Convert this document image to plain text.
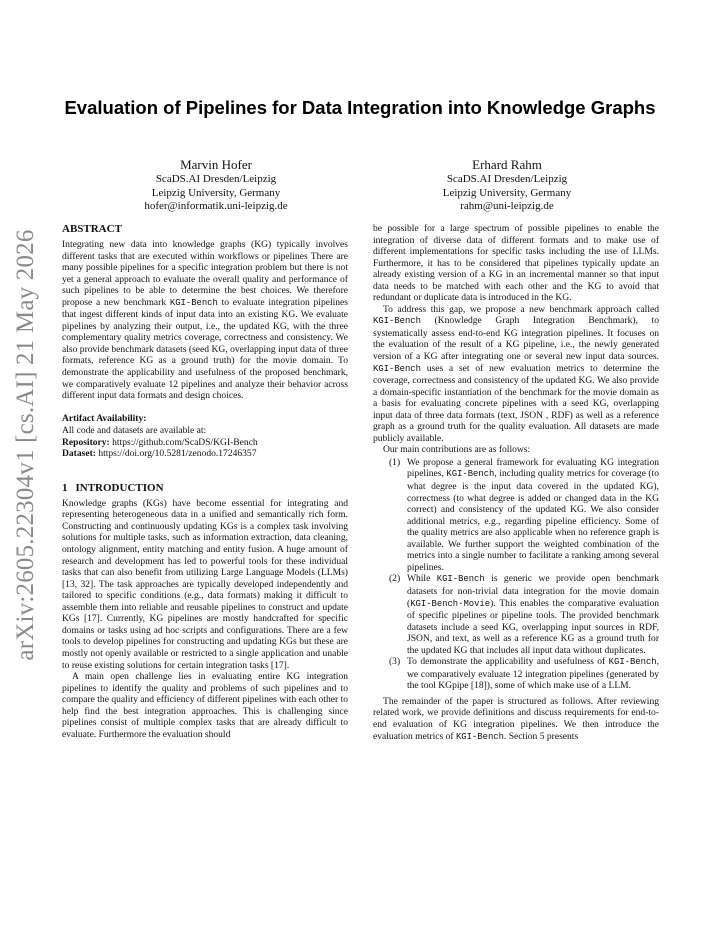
arXiv:2605.22304v1 [cs.AI] 21 May 2026
Evaluation of Pipelines for Data Integration into Knowledge Graphs
Marvin Hofer
ScaDS.AI Dresden/Leipzig
Leipzig University, Germany
hofer@informatik.uni-leipzig.de
Erhard Rahm
ScaDS.AI Dresden/Leipzig
Leipzig University, Germany
rahm@uni-leipzig.de
ABSTRACT

Integrating new data into knowledge graphs (KG) typically involves different tasks that are executed within workflows or pipelines There are many possible pipelines for a specific integration problem but there is not yet a general approach to evaluate the overall quality and performance of such pipelines to be able to determine the best choices. We therefore propose a new benchmark KGI-Bench to evaluate integration pipelines that ingest different kinds of input data into an existing KG. We evaluate pipelines by analyzing their output, i.e., the updated KG, with the three complementary quality metrics coverage, correctness and consistency. We also provide benchmark datasets (seed KG, overlapping input data of three formats, reference KG as a ground truth) for the movie domain. To demonstrate the applicability and usefulness of the proposed benchmark, we comparatively evaluate 12 pipelines and analyze their behavior across different input data formats and design choices.

Artifact Availability:

All code and datasets are available at:

Repository: https://github.com/ScaDS/KGI-Bench

Dataset: https://doi.org/10.5281/zenodo.17246357

1 INTRODUCTION

Knowledge graphs (KGs) have become essential for integrating and representing heterogeneous data in a unified and semantically rich form. Constructing and continuously updating KGs is a complex task involving solutions for multiple tasks, such as information extraction, data cleaning, ontology alignment, entity matching and entity fusion. A huge amount of research and development has led to powerful tools for these individual tasks that can also benefit from utilizing Large Language Models (LLMs) [13, 32]. The task approaches are typically developed independently and tailored to specific conditions (e.g., data formats) making it difficult to assemble them into reliable and reusable pipelines to construct and update KGs [17]. Currently, KG pipelines are mostly handcrafted for specific domains or tasks using ad hoc scripts and configurations. There are a few tools to develop pipelines for constructing and updating KGs but these are mostly not openly available or restricted to a single application and unable to reuse existing solutions for certain integration tasks [17].

A main open challenge lies in evaluating entire KG integration pipelines to identify the quality and problems of such pipelines and to compare the quality and efficiency of different pipelines with each other to help find the best integration approaches. This is challenging since pipelines consist of multiple complex tasks that are already difficult to evaluate. Furthermore the evaluation should

be possible for a large spectrum of possible pipelines to enable the integration of diverse data of different formats and to make use of different implementations for specific tasks including the use of LLMs. Furthermore, it has to be considered that pipelines typically update an already existing version of a KG in an incremental manner so that input data needs to be matched with each other and the KG to avoid that redundant or duplicate data is introduced in the KG.

To address this gap, we propose a new benchmark approach called KGI-Bench (Knowledge Graph Integration Benchmark), to systematically assess end-to-end KG integration pipelines. It focuses on the evaluation of the result of a KG pipeline, i.e., the newly generated version of a KG after integrating one or several new input data sources. KGI-Bench uses a set of new evaluation metrics to determine the coverage, correctness and consistency of the updated KG. We also provide a domain-specific instantiation of the benchmark for the movie domain as a basis for evaluating concrete pipelines with a seed KG, overlapping input data of three data formats (text, JSON , RDF) as well as a reference graph as a ground truth for the quality evaluation. All datasets are made publicly available.

Our main contributions are as follows:

(1) We propose a general framework for evaluating KG integration pipelines, KGI-Bench, including quality metrics for coverage (to what degree is the input data covered in the updated KG), correctness (to what degree is added or changed data in the KG correct) and consistency of the updated KG. We also consider additional metrics, e.g., regarding pipeline efficiency. Some of the quality metrics are also applicable when no reference graph is available. We further support the weighted combination of the metrics into a single number to facilitate a ranking among several pipelines.
(2) While KGI-Bench is generic we provide open benchmark datasets for non-trivial data integration for the movie domain (KGI-Bench-Movie). This enables the comparative evaluation of specific pipelines or pipeline tools. The provided benchmark datasets include a seed KG, overlapping input sources in RDF, JSON, and text, as well as a reference KG as a ground truth for the updated KG that includes all input data without duplicates.
(3) To demonstrate the applicability and usefulness of KGI-Bench, we comparatively evaluate 12 integration pipelines (generated by the tool KGpipe [18]), some of which make use of a LLM.

The remainder of the paper is structured as follows. After reviewing related work, we provide definitions and discuss requirements for end-to-end evaluation of KG integration pipelines. We then introduce the evaluation metrics of KGI-Bench. Section 5 presents
